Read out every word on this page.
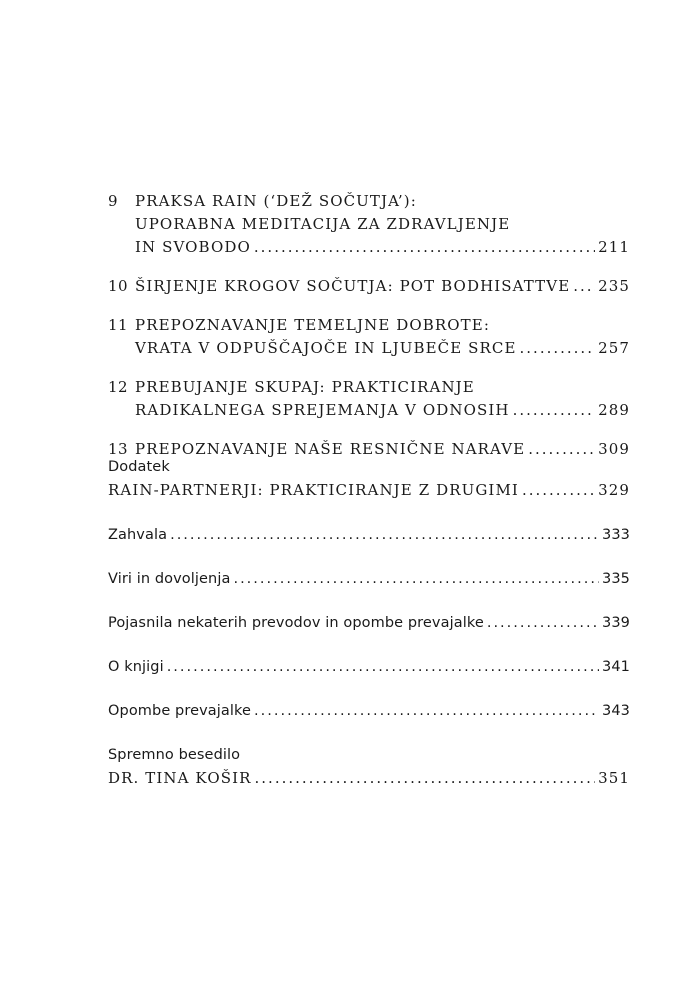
9	PRAKSA RAIN (‘DEŽ SOČUTJA’):
UPORABNA MEDITACIJA ZA ZDRAVLJENJE
IN SVOBODO .....	211
10 ŠIRJENJE KROGOV SOČUTJA: POT BODHISATTVE ..... 235
11 PREPOZNAVANJE TEMELJNE DOBROTE:
VRATA V ODPUŠČAJOČE IN LJUBEČE SRCE .....	257
12 PREBUJANJE SKUPAJ: PRAKTICIRANJE
RADIKALNEGA SPREJEMANJA V ODNOSIH .....	289
13 PREPOZNAVANJE NAŠE RESNIČNE NARAVE .....	309
Dodatek
RAIN-PARTNERJI: PRAKTICIRANJE Z DRUGIMI .....	329
Zahvala .....	333
Viri in dovoljenja .....	335
Pojasnila nekaterih prevodov in opombe prevajalke .....	339
O knjigi .....	341
Opombe prevajalke .....	343
Spremno besedilo
DR. TINA KOŠIR .....	351
